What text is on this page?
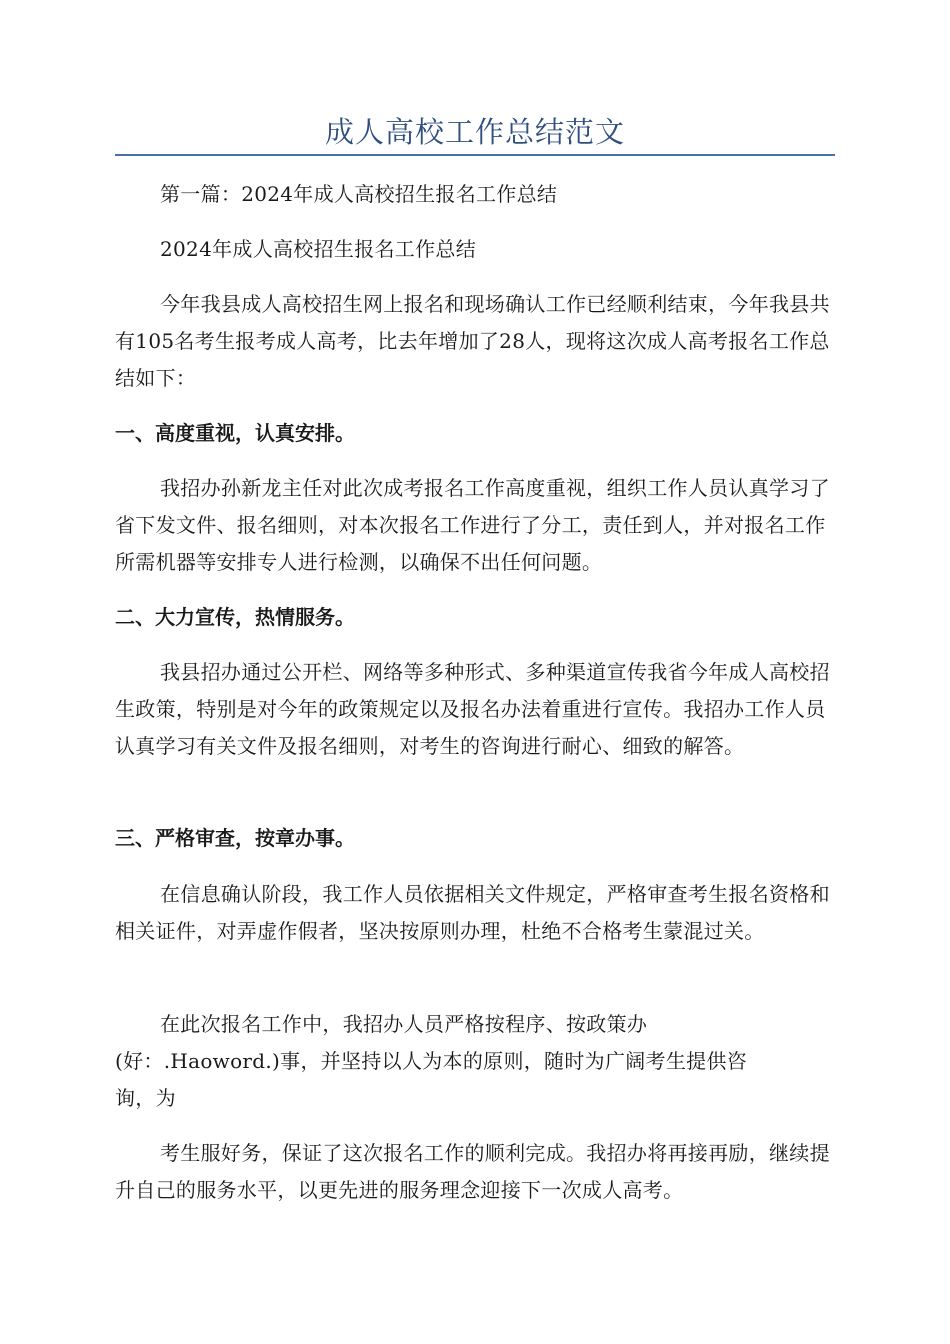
成人高校工作总结范文

第一篇：2024年成人高校招生报名工作总结

2024年成人高校招生报名工作总结

今年我县成人高校招生网上报名和现场确认工作已经顺利结束，今年我县共有105名考生报考成人高考，比去年增加了28人，现将这次成人高考报名工作总结如下：

一、高度重视，认真安排。

我招办孙新龙主任对此次成考报名工作高度重视，组织工作人员认真学习了省下发文件、报名细则，对本次报名工作进行了分工，责任到人，并对报名工作所需机器等安排专人进行检测，以确保不出任何问题。

二、大力宣传，热情服务。

我县招办通过公开栏、网络等多种形式、多种渠道宣传我省今年成人高校招生政策，特别是对今年的政策规定以及报名办法着重进行宣传。我招办工作人员认真学习有关文件及报名细则，对考生的咨询进行耐心、细致的解答。

三、严格审查，按章办事。

在信息确认阶段，我工作人员依据相关文件规定，严格审查考生报名资格和相关证件，对弄虚作假者，坚决按原则办理，杜绝不合格考生蒙混过关。

在此次报名工作中，我招办人员严格按程序、按政策办

(好：.Haoword.)事，并坚持以人为本的原则，随时为广阔考生提供咨

询，为

考生服好务，保证了这次报名工作的顺利完成。我招办将再接再励，继续提升自己的服务水平，以更先进的服务理念迎接下一次成人高考。
